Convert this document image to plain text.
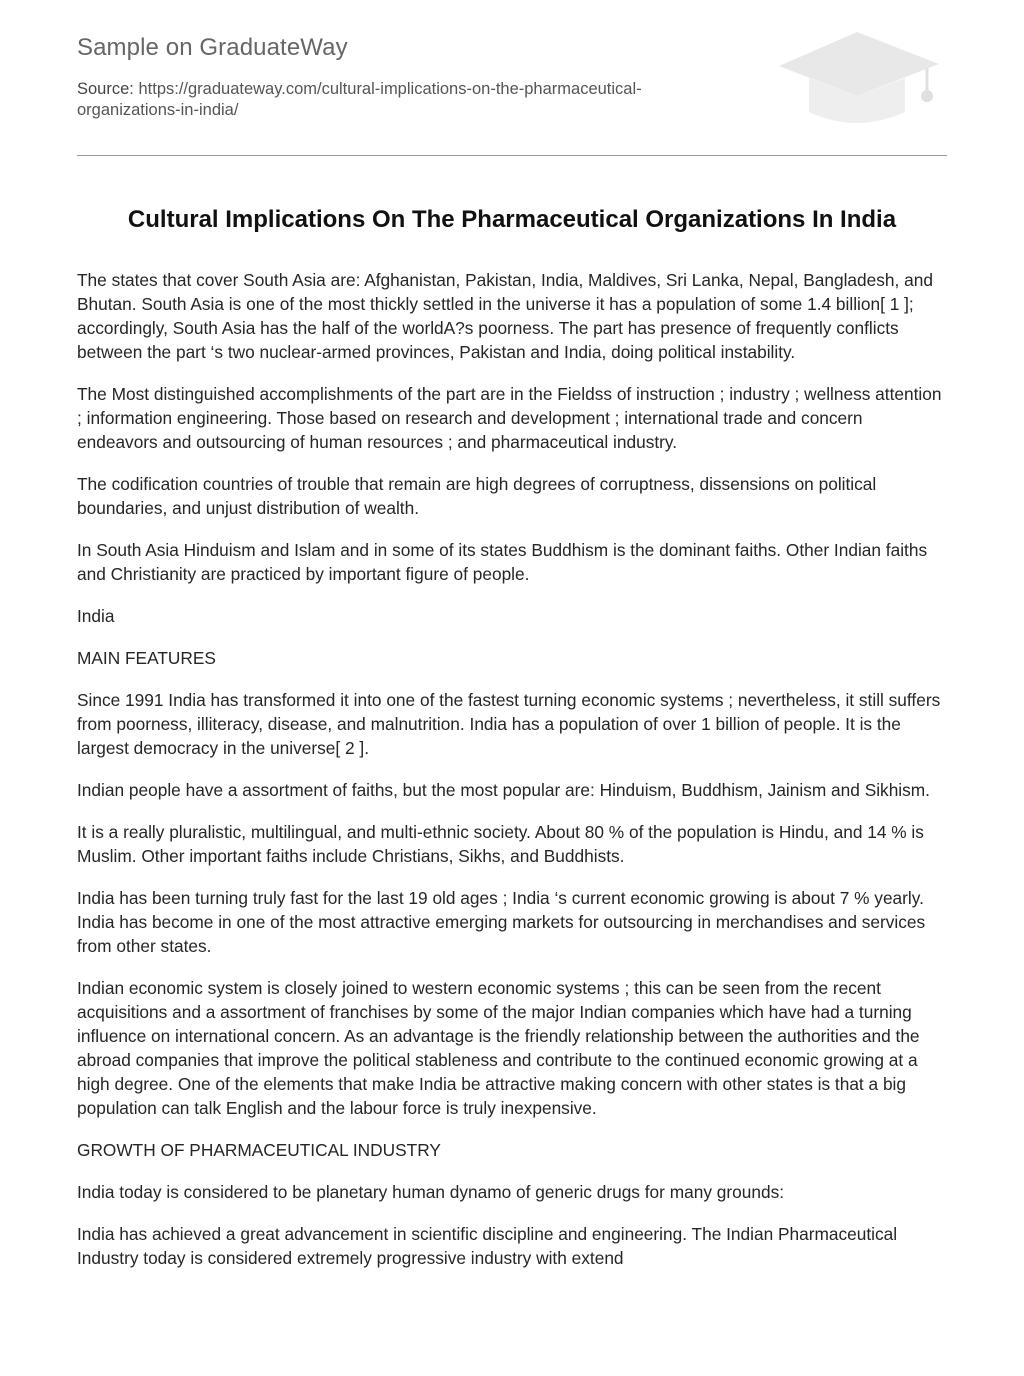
Sample on GraduateWay
Source: https://graduateway.com/cultural-implications-on-the-pharmaceutical-organizations-in-india/
Cultural Implications On The Pharmaceutical Organizations In India

The states that cover South Asia are: Afghanistan, Pakistan, India, Maldives, Sri Lanka, Nepal, Bangladesh, and Bhutan. South Asia is one of the most thickly settled in the universe it has a population of some 1.4 billion[ 1 ]; accordingly, South Asia has the half of the worldA?s poorness. The part has presence of frequently conflicts between the part ‘s two nuclear-armed provinces, Pakistan and India, doing political instability.

The Most distinguished accomplishments of the part are in the Fieldss of instruction ; industry ; wellness attention ; information engineering. Those based on research and development ; international trade and concern endeavors and outsourcing of human resources ; and pharmaceutical industry.

The codification countries of trouble that remain are high degrees of corruptness, dissensions on political boundaries, and unjust distribution of wealth.

In South Asia Hinduism and Islam and in some of its states Buddhism is the dominant faiths. Other Indian faiths and Christianity are practiced by important figure of people.

India

MAIN FEATURES

Since 1991 India has transformed it into one of the fastest turning economic systems ; nevertheless, it still suffers from poorness, illiteracy, disease, and malnutrition. India has a population of over 1 billion of people. It is the largest democracy in the universe[ 2 ].

Indian people have a assortment of faiths, but the most popular are: Hinduism, Buddhism, Jainism and Sikhism.

It is a really pluralistic, multilingual, and multi-ethnic society. About 80 % of the population is Hindu, and 14 % is Muslim. Other important faiths include Christians, Sikhs, and Buddhists.

India has been turning truly fast for the last 19 old ages ; India ‘s current economic growing is about 7 % yearly. India has become in one of the most attractive emerging markets for outsourcing in merchandises and services from other states.

Indian economic system is closely joined to western economic systems ; this can be seen from the recent acquisitions and a assortment of franchises by some of the major Indian companies which have had a turning influence on international concern. As an advantage is the friendly relationship between the authorities and the abroad companies that improve the political stableness and contribute to the continued economic growing at a high degree. One of the elements that make India be attractive making concern with other states is that a big population can talk English and the labour force is truly inexpensive.

GROWTH OF PHARMACEUTICAL INDUSTRY

India today is considered to be planetary human dynamo of generic drugs for many grounds:

India has achieved a great advancement in scientific discipline and engineering. The Indian Pharmaceutical Industry today is considered extremely progressive industry with extend
